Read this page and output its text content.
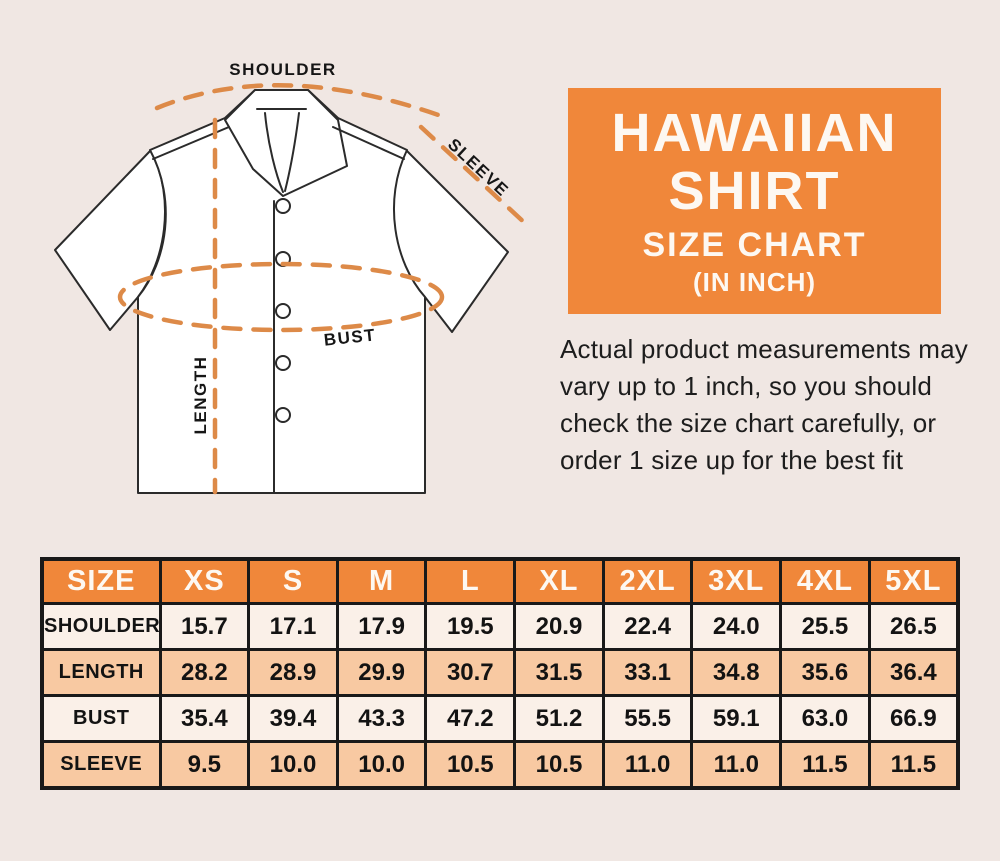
SHOULDER
SLEEVE
BUST
LENGTH
HAWAIIAN
SHIRT
SIZE CHART
(IN INCH)
Actual product measurements may vary up to 1 inch, so you should check the size chart carefully, or order 1 size up for the best fit
SIZE	XS	S	M	L	XL	2XL	3XL	4XL	5XL
SHOULDER	15.7	17.1	17.9	19.5	20.9	22.4	24.0	25.5	26.5
LENGTH	28.2	28.9	29.9	30.7	31.5	33.1	34.8	35.6	36.4
BUST	35.4	39.4	43.3	47.2	51.2	55.5	59.1	63.0	66.9
SLEEVE	9.5	10.0	10.0	10.5	10.5	11.0	11.0	11.5	11.5
